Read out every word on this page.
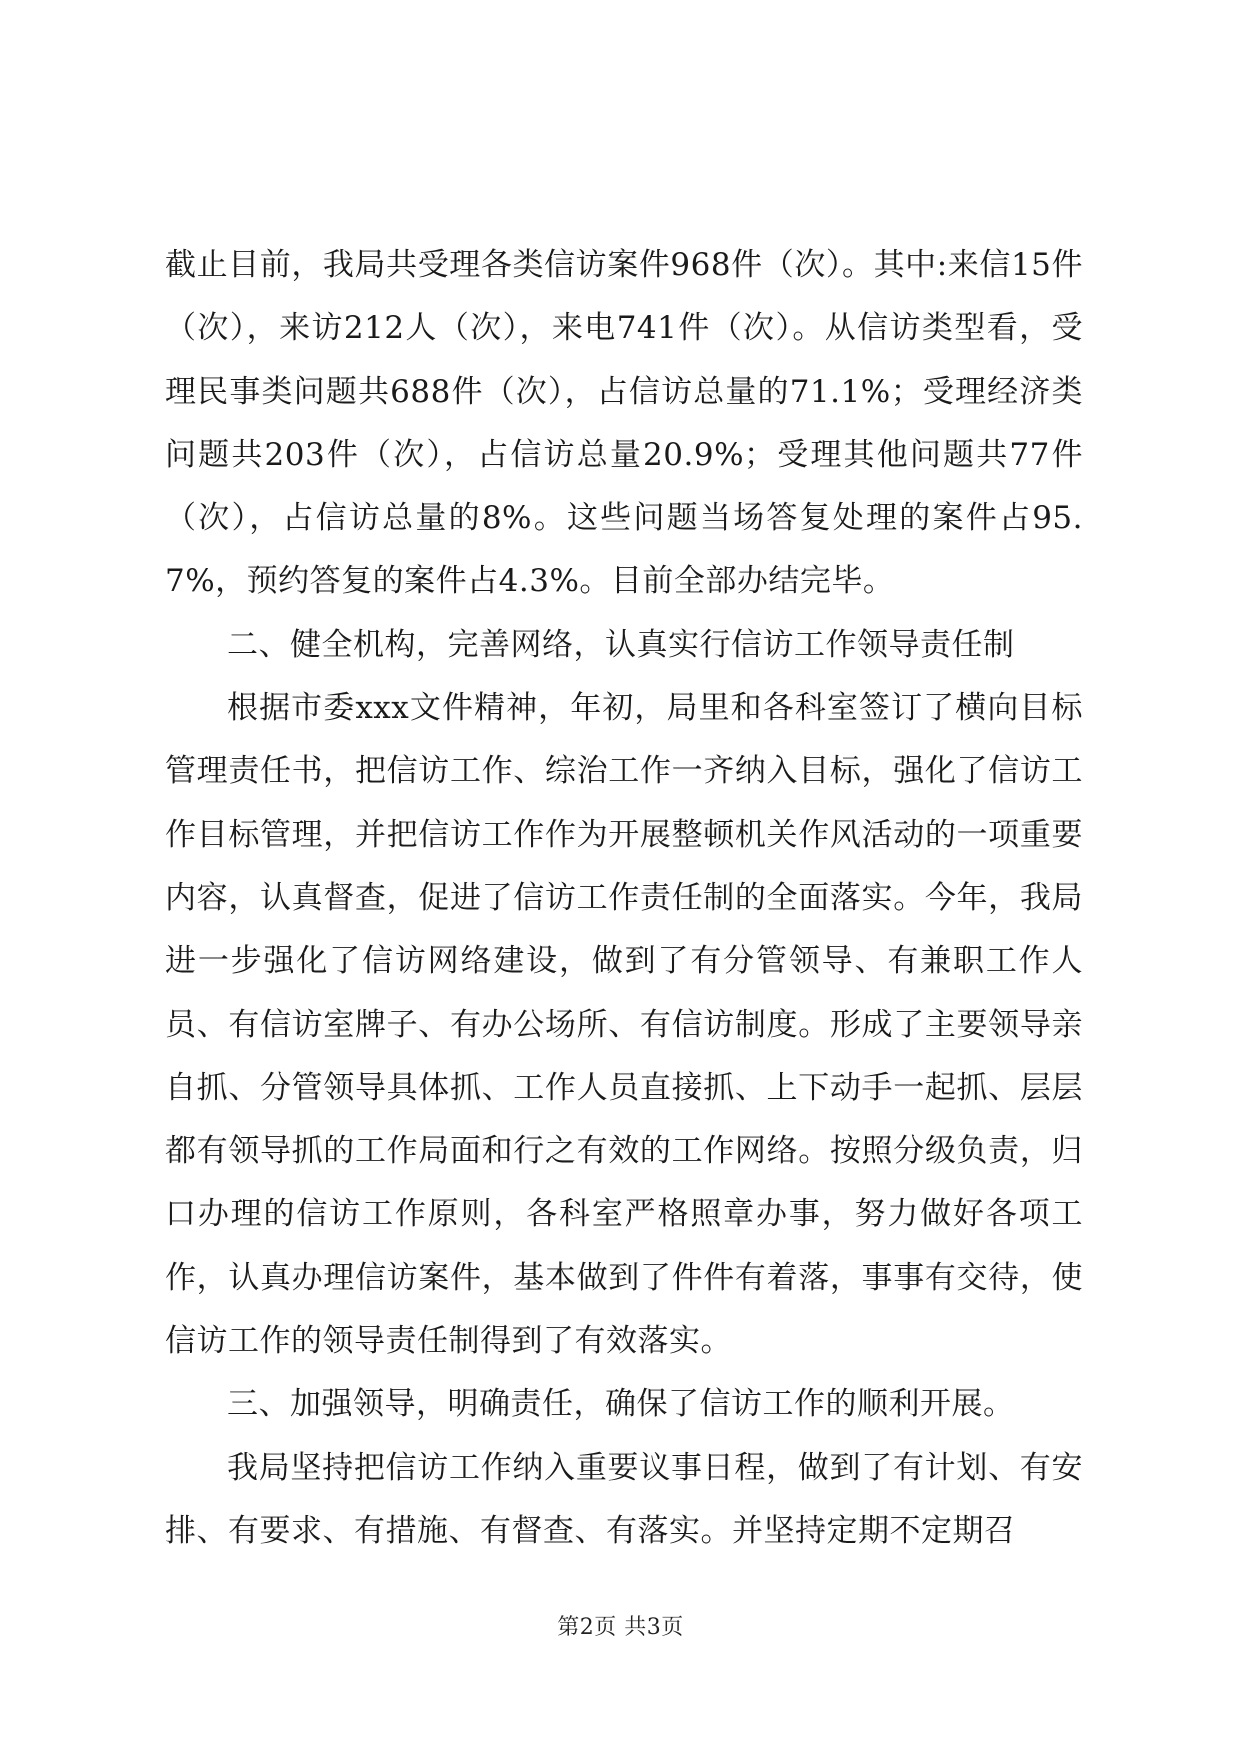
截止目前，我局共受理各类信访案件968件（次）。其中:来信15件（次），来访212人（次），来电741件（次）。从信访类型看，受理民事类问题共688件（次），占信访总量的71.1%；受理经济类问题共203件（次），占信访总量20.9%；受理其他问题共77件（次），占信访总量的8%。这些问题当场答复处理的案件占95.7%，预约答复的案件占4.3%。目前全部办结完毕。

二、健全机构，完善网络，认真实行信访工作领导责任制

根据市委xxx文件精神，年初，局里和各科室签订了横向目标管理责任书，把信访工作、综治工作一齐纳入目标，强化了信访工作目标管理，并把信访工作作为开展整顿机关作风活动的一项重要内容，认真督查，促进了信访工作责任制的全面落实。今年，我局进一步强化了信访网络建设，做到了有分管领导、有兼职工作人员、有信访室牌子、有办公场所、有信访制度。形成了主要领导亲自抓、分管领导具体抓、工作人员直接抓、上下动手一起抓、层层都有领导抓的工作局面和行之有效的工作网络。按照分级负责，归口办理的信访工作原则，各科室严格照章办事，努力做好各项工作，认真办理信访案件，基本做到了件件有着落，事事有交待，使信访工作的领导责任制得到了有效落实。

三、加强领导，明确责任，确保了信访工作的顺利开展。

我局坚持把信访工作纳入重要议事日程，做到了有计划、有安排、有要求、有措施、有督查、有落实。并坚持定期不定期召

第2页 共3页
